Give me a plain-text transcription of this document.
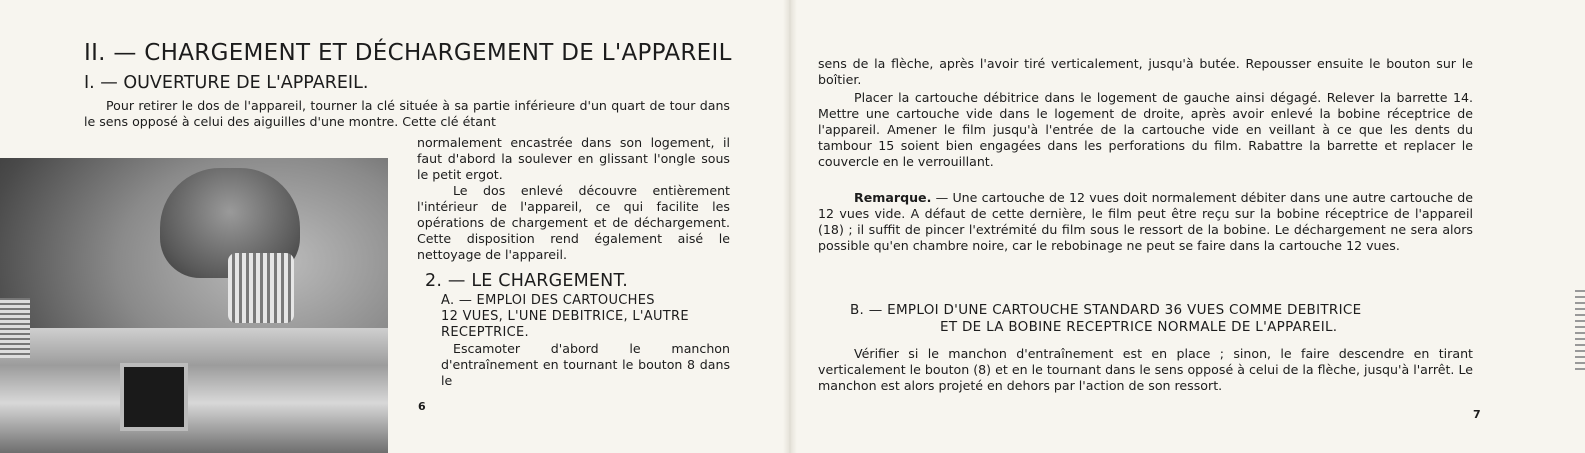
II. — CHARGEMENT ET DÉCHARGEMENT DE L'APPAREIL
I. — OUVERTURE DE L'APPAREIL.

Pour retirer le dos de l'appareil, tourner la clé située à sa partie inférieure d'un quart de tour dans le sens opposé à celui des aiguilles d'une montre. Cette clé étant

normalement encastrée dans son logement, il faut d'abord la soulever en glissant l'ongle sous le petit ergot.

Le dos enlevé découvre entièrement l'intérieur de l'appareil, ce qui facilite les opérations de chargement et de déchargement. Cette disposition rend également aisé le nettoyage de l'appareil.

2. — LE CHARGEMENT.
A. — EMPLOI DES CARTOUCHES
12 VUES, L'UNE DEBITRICE, L'AUTRE
RECEPTRICE.

Escamoter d'abord le manchon d'entraînement en tournant le bouton 8 dans le

6

sens de la flèche, après l'avoir tiré verticalement, jusqu'à butée. Repousser ensuite le bouton sur le boîtier.

Placer la cartouche débitrice dans le logement de gauche ainsi dégagé. Relever la barrette 14. Mettre une cartouche vide dans le logement de droite, après avoir enlevé la bobine réceptrice de l'appareil. Amener le film jusqu'à l'entrée de la cartouche vide en veillant à ce que les dents du tambour 15 soient bien engagées dans les perforations du film. Rabattre la barrette et replacer le couvercle en le verrouillant.

Remarque. — Une cartouche de 12 vues doit normalement débiter dans une autre cartouche de 12 vues vide. A défaut de cette dernière, le film peut être reçu sur la bobine réceptrice de l'appareil (18) ; il suffit de pincer l'extrémité du film sous le ressort de la bobine. Le déchargement ne sera alors possible qu'en chambre noire, car le rebobinage ne peut se faire dans la cartouche 12 vues.

B. — EMPLOI D'UNE CARTOUCHE STANDARD 36 VUES COMME DEBITRICE
ET DE LA BOBINE RECEPTRICE NORMALE DE L'APPAREIL.

Vérifier si le manchon d'entraînement est en place ; sinon, le faire descendre en tirant verticalement le bouton (8) et en le tournant dans le sens opposé à celui de la flèche, jusqu'à l'arrêt. Le manchon est alors projeté en dehors par l'action de son ressort.

7
